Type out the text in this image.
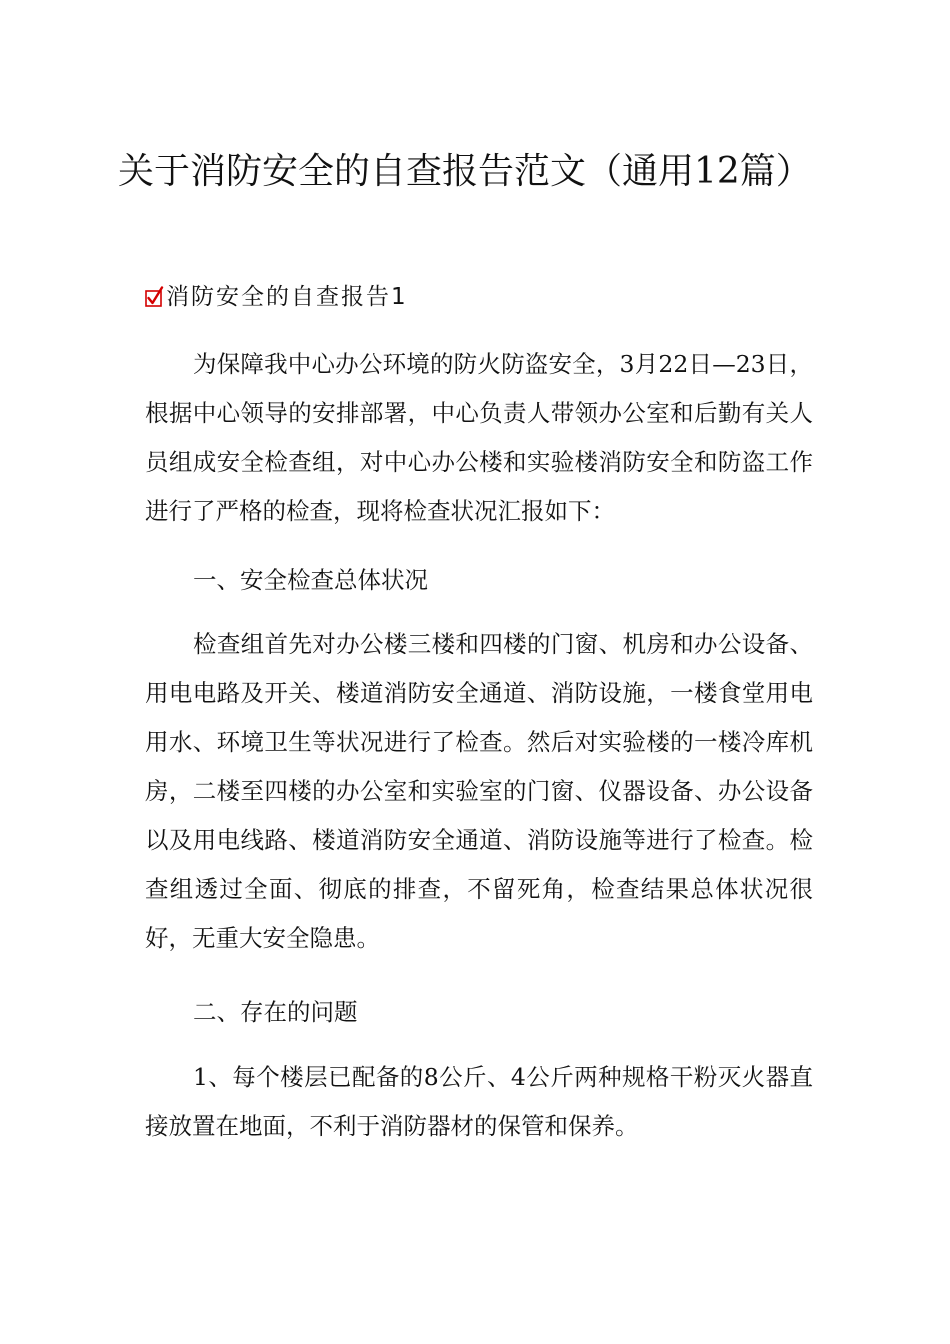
关于消防安全的自查报告范文（通用12篇）
消防安全的自查报告1

为保障我中心办公环境的防火防盗安全，3月22日—23日，根据中心领导的安排部署，中心负责人带领办公室和后勤有关人员组成安全检查组，对中心办公楼和实验楼消防安全和防盗工作进行了严格的检查，现将检查状况汇报如下：

一、安全检查总体状况

检查组首先对办公楼三楼和四楼的门窗、机房和办公设备、用电电路及开关、楼道消防安全通道、消防设施，一楼食堂用电用水、环境卫生等状况进行了检查。然后对实验楼的一楼冷库机房，二楼至四楼的办公室和实验室的门窗、仪器设备、办公设备以及用电线路、楼道消防安全通道、消防设施等进行了检查。检查组透过全面、彻底的排查，不留死角，检查结果总体状况很好，无重大安全隐患。

二、存在的问题

1、每个楼层已配备的8公斤、4公斤两种规格干粉灭火器直接放置在地面，不利于消防器材的保管和保养。
